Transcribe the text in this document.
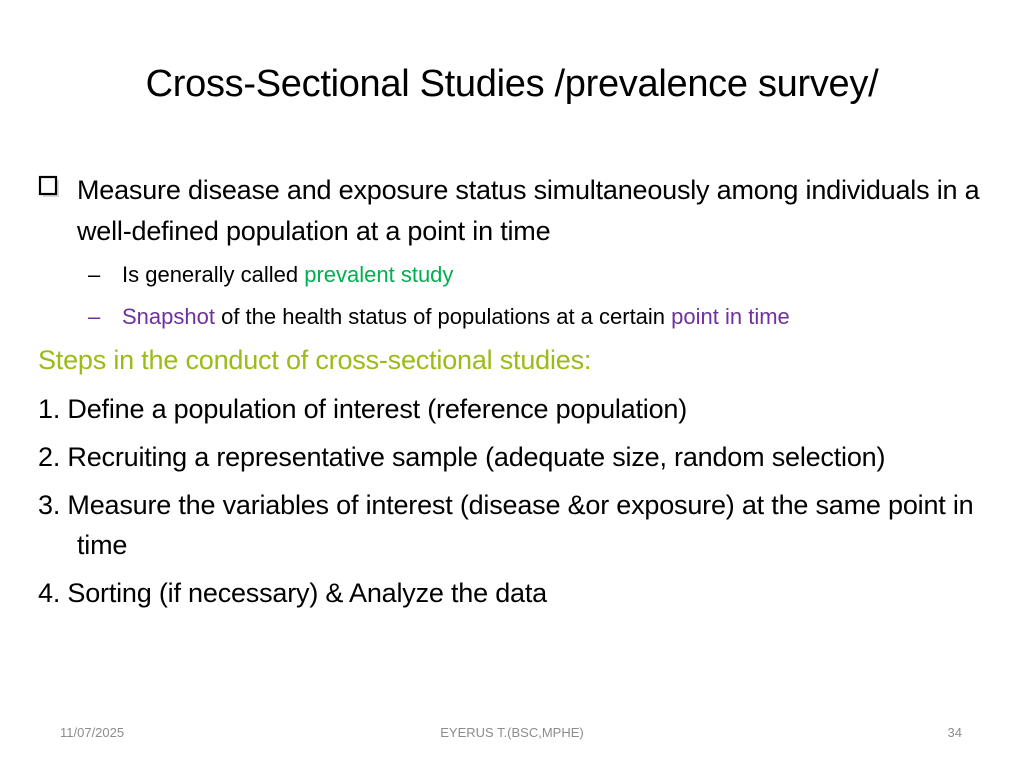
Cross-Sectional Studies /prevalence survey/
Measure disease and exposure status simultaneously among individuals in a well-defined population at a point in time
– Is generally called prevalent study
– Snapshot of the health status of populations at a certain point in time
Steps in the conduct of cross-sectional studies:
1. Define a population of interest (reference population)
2. Recruiting a representative sample (adequate size, random selection)
3. Measure the variables of interest (disease &or exposure) at the same point in time
4. Sorting (if necessary) & Analyze the data
11/07/2025	EYERUS T.(BSC,MPHE)	34
